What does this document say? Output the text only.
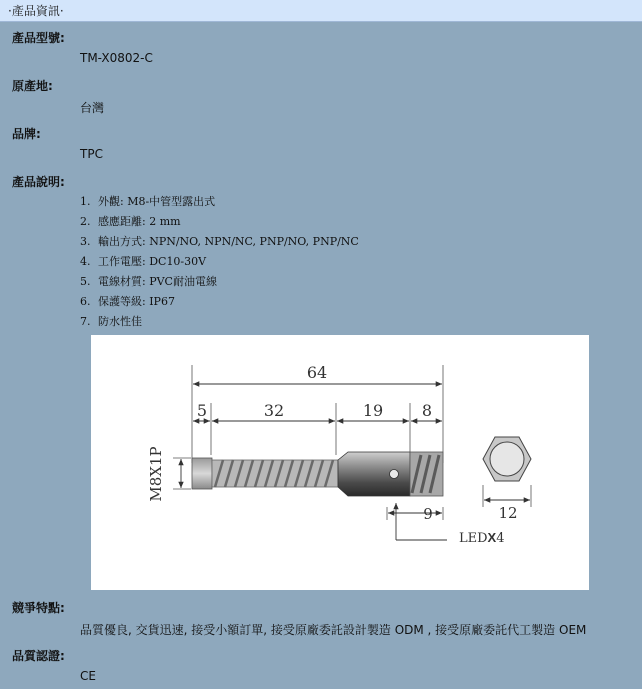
·產品資訊·
產品型號:
TM-X0802-C
原產地:
台灣
品牌:
TPC
產品說明:
1. 外觀: M8-中管型露出式
2. 感應距離: 2 mm
3. 輸出方式: NPN/NO, NPN/NC, PNP/NO, PNP/NC
4. 工作電壓: DC10-30V
5. 電線材質: PVC耐油電線
6. 保護等級: IP67
7. 防水性佳
64
5	32	19 8
M8X1P
9	12
LEDX4
競爭特點:
品質優良, 交貨迅速, 接受小額訂單, 接受原廠委託設計製造 ODM , 接受原廠委託代工製造 OEM
品質認證:
CE
